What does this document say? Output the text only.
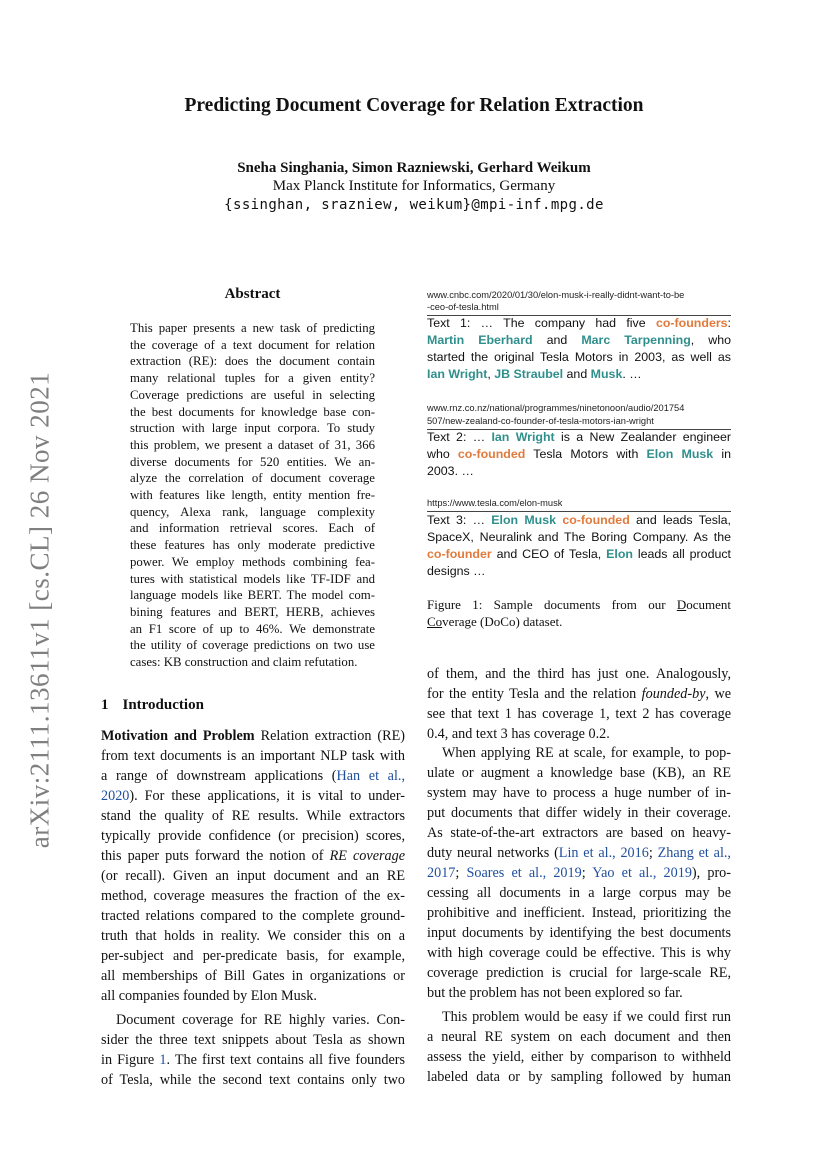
arXiv:2111.13611v1 [cs.CL] 26 Nov 2021
Predicting Document Coverage for Relation Extraction
Sneha Singhania, Simon Razniewski, Gerhard Weikum
Max Planck Institute for Informatics, Germany
{ssinghan, srazniew, weikum}@mpi-inf.mpg.de
Abstract
This paper presents a new task of predicting
the coverage of a text document for relation
extraction (RE): does the document contain
many relational tuples for a given entity?
Coverage predictions are useful in selecting
the best documents for knowledge base con-
struction with large input corpora. To study
this problem, we present a dataset of 31, 366
diverse documents for 520 entities. We an-
alyze the correlation of document coverage
with features like length, entity mention fre-
quency, Alexa rank, language complexity
and information retrieval scores. Each of
these features has only moderate predictive
power. We employ methods combining fea-
tures with statistical models like TF-IDF and
language models like BERT. The model com-
bining features and BERT, HERB, achieves
an F1 score of up to 46%. We demonstrate
the utility of coverage predictions on two use
cases: KB construction and claim refutation.
1 Introduction
Motivation and Problem Relation extraction (RE)
from text documents is an important NLP task with
a range of downstream applications (Han et al.,
2020). For these applications, it is vital to under-
stand the quality of RE results. While extractors
typically provide confidence (or precision) scores,
this paper puts forward the notion of RE coverage
(or recall). Given an input document and an RE
method, coverage measures the fraction of the ex-
tracted relations compared to the complete ground-
truth that holds in reality. We consider this on a
per-subject and per-predicate basis, for example,
all memberships of Bill Gates in organizations or
all companies founded by Elon Musk.
Document coverage for RE highly varies. Con-
sider the three text snippets about Tesla as shown
in Figure 1. The first text contains all five founders
of Tesla, while the second text contains only two
www.cnbc.com/2020/01/30/elon-musk-i-really-didnt-want-to-be
-ceo-of-tesla.html
Text 1: … The company had five co-founders:
Martin Eberhard and Marc Tarpenning, who
started the original Tesla Motors in 2003, as well as
Ian Wright, JB Straubel and Musk. …
www.rnz.co.nz/national/programmes/ninetonoon/audio/201754
507/new-zealand-co-founder-of-tesla-motors-ian-wright
Text 2: … Ian Wright is a New Zealander engineer
who co-founded Tesla Motors with Elon Musk in
2003. …
https://www.tesla.com/elon-musk
Text 3: … Elon Musk co-founded and leads Tesla,
SpaceX, Neuralink and The Boring Company. As the
co-founder and CEO of Tesla, Elon leads all product
designs …
Figure 1: Sample documents from our Document
Coverage (DoCo) dataset.
of them, and the third has just one. Analogously,
for the entity Tesla and the relation founded-by, we
see that text 1 has coverage 1, text 2 has coverage
0.4, and text 3 has coverage 0.2.
When applying RE at scale, for example, to pop-
ulate or augment a knowledge base (KB), an RE
system may have to process a huge number of in-
put documents that differ widely in their coverage.
As state-of-the-art extractors are based on heavy-
duty neural networks (Lin et al., 2016; Zhang et al.,
2017; Soares et al., 2019; Yao et al., 2019), pro-
cessing all documents in a large corpus may be
prohibitive and inefficient. Instead, prioritizing the
input documents by identifying the best documents
with high coverage could be effective. This is why
coverage prediction is crucial for large-scale RE,
but the problem has not been explored so far.
This problem would be easy if we could first run
a neural RE system on each document and then
assess the yield, either by comparison to withheld
labeled data or by sampling followed by human
